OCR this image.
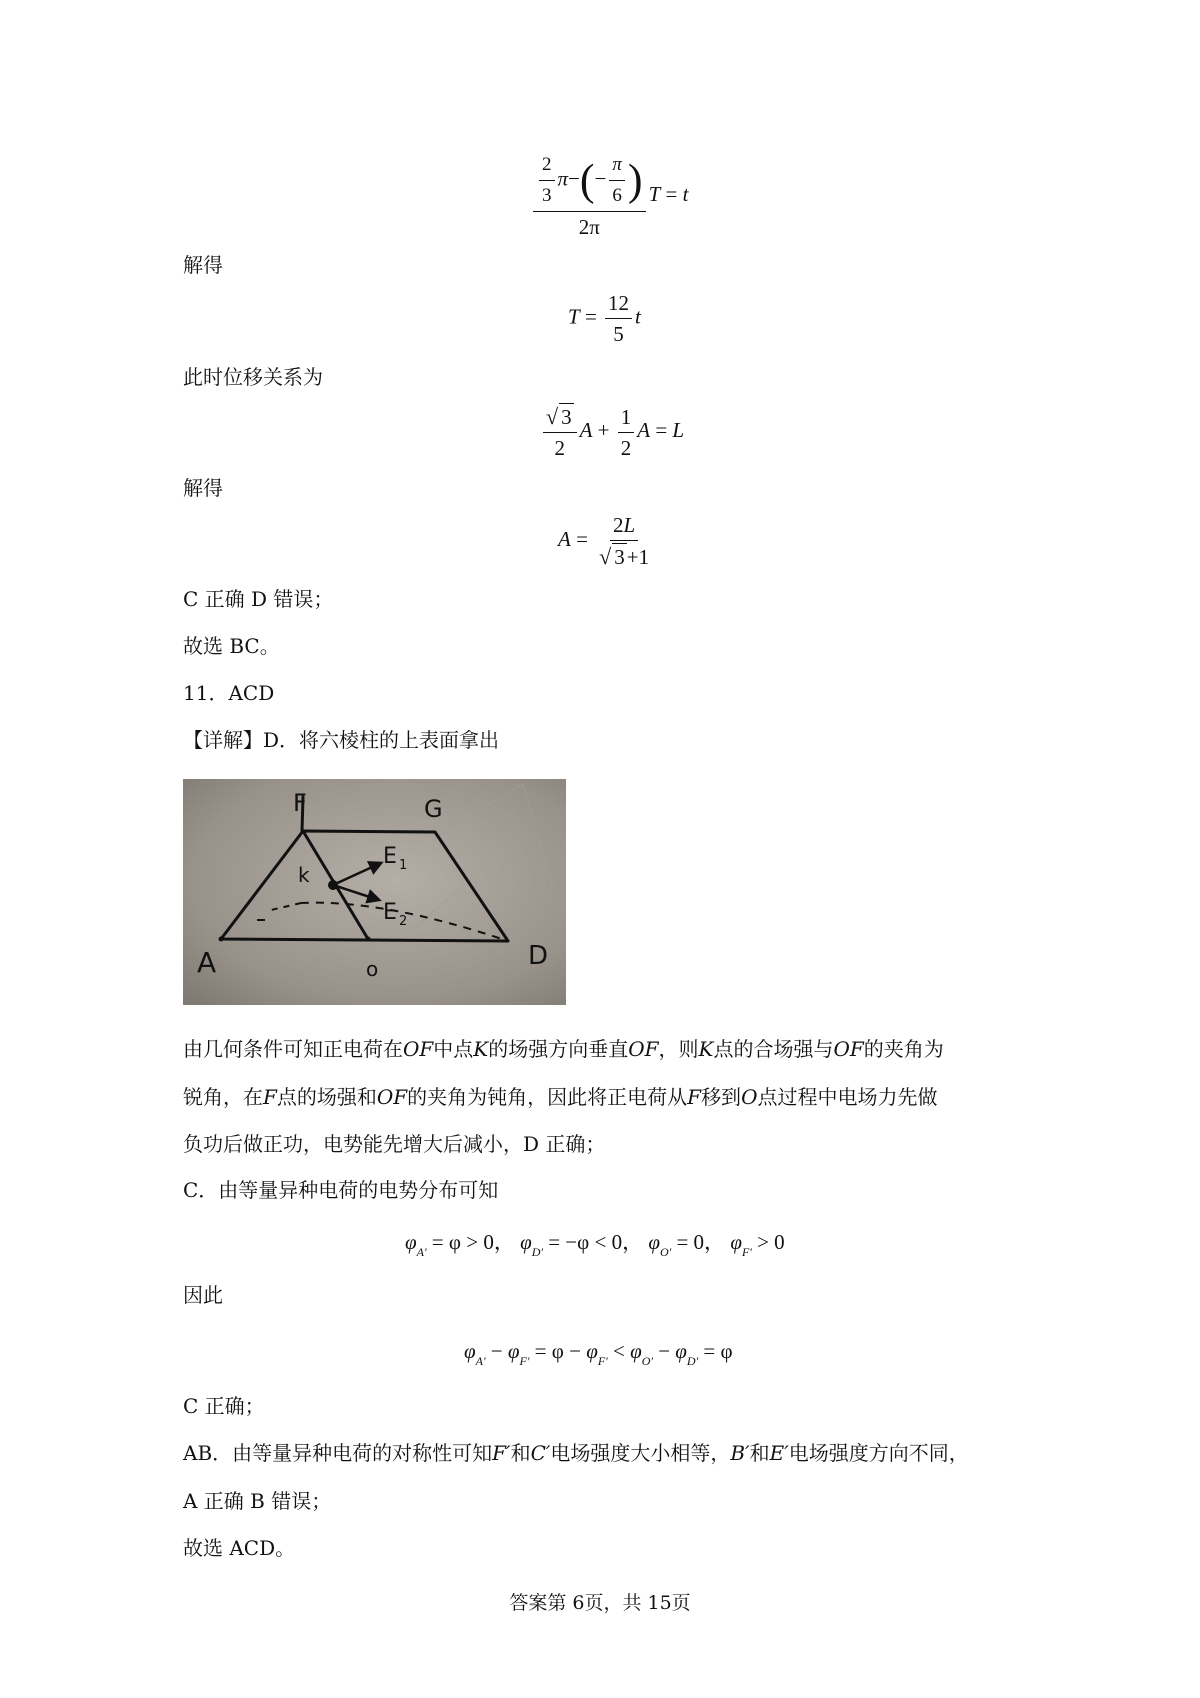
$\frac{\frac{2}{3} \pi-(- \frac{\pi}{6} )}{2\pi}$ T = t
解得
$T = \frac{12}{5}$ t
此时位移关系为
$\frac{√ 3}{2}$ $A + \frac{1}{2}$ A = L
解得
$A = \frac{2L}{√ 3+1}$
C 正确 D 错误；
故选 BC。
11．ACD
【详解】D．将六棱柱的上表面拿出
F	G
k
E 1
E 2
A	o	D
由几何条件可知正电荷在OF中点K的场强方向垂直OF，则K点的合场强与OF的夹角为
锐角，在F点的场强和OF的夹角为钝角，因此将正电荷从F移到O点过程中电场力先做
负功后做正功，电势能先增大后减小，D 正确；
C．由等量异种电荷的电势分布可知
$\varphi_{A'} = \varphi > 0$， $\varphi_{D'} = -\varphi < 0$， $\varphi_{O'} = 0$， $\varphi_{F'} > 0$
因此
$\varphi_{A'} - \varphi_{F'} = \varphi - \varphi_{F'} < \varphi_{O'} - \varphi_{D'} = \varphi$
C 正确；
AB．由等量异种电荷的对称性可知F′和C′电场强度大小相等，B′和E′电场强度方向不同，
A 正确 B 错误；
故选 ACD。
答案第 6页，共 15页
